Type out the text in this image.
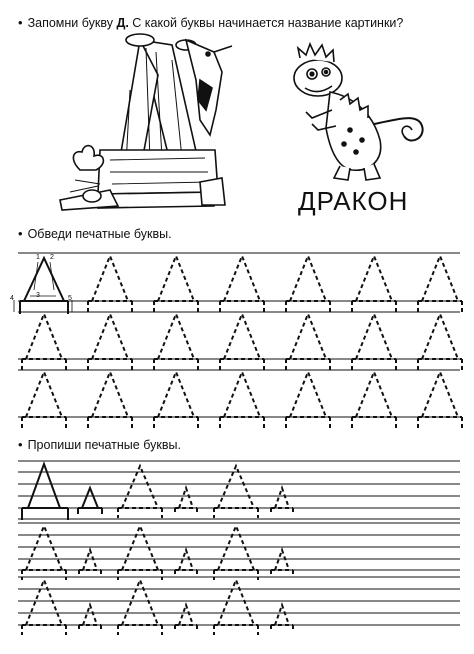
• Запомни букву Д. С какой буквы начинается название картинки?
ДРАКОН
• Обведи печатные буквы.
• Пропиши печатные буквы.
1 2
3
4	5
